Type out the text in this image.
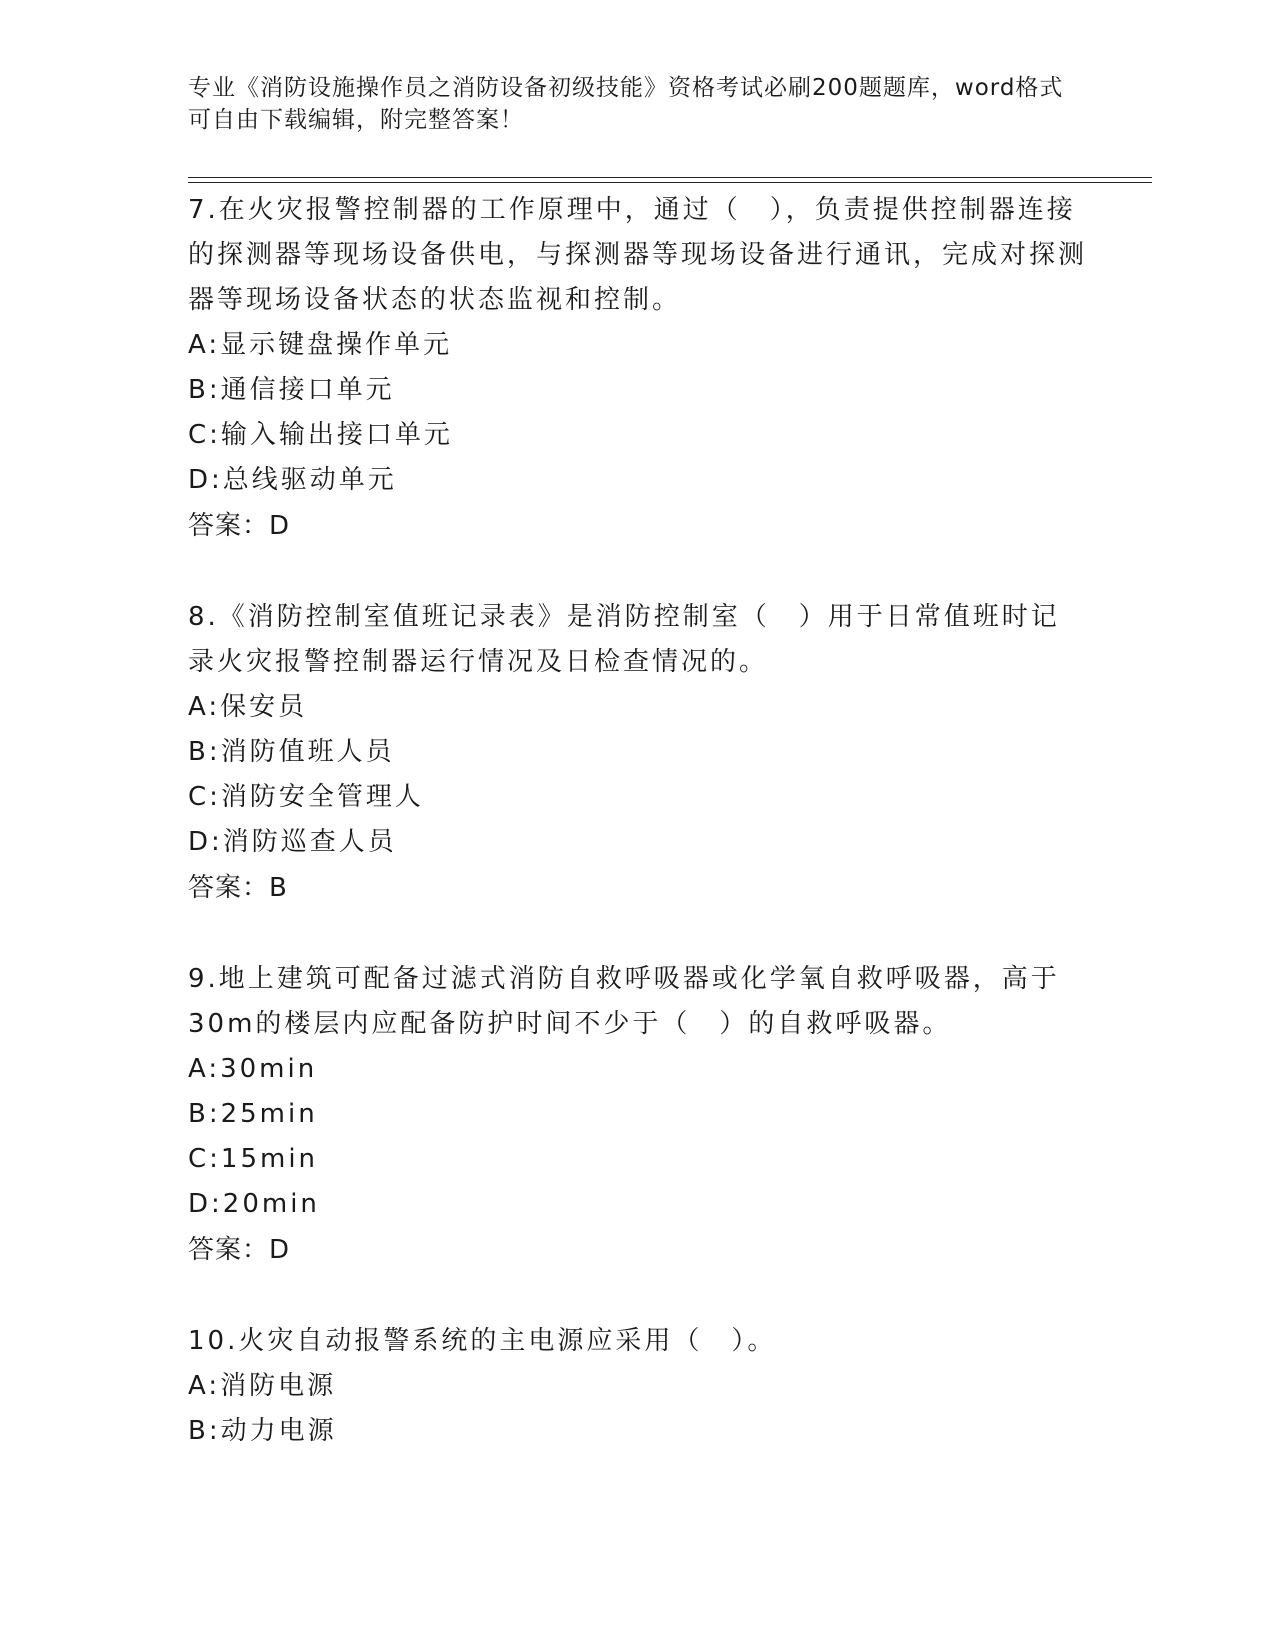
专业《消防设施操作员之消防设备初级技能》资格考试必刷200题题库，word格式可自由下载编辑，附完整答案！
7.在火灾报警控制器的工作原理中，通过（　），负责提供控制器连接的探测器等现场设备供电，与探测器等现场设备进行通讯，完成对探测器等现场设备状态的状态监视和控制。
A:显示键盘操作单元
B:通信接口单元
C:输入输出接口单元
D:总线驱动单元
答案：D
8.《消防控制室值班记录表》是消防控制室（　）用于日常值班时记录火灾报警控制器运行情况及日检查情况的。
A:保安员
B:消防值班人员
C:消防安全管理人
D:消防巡查人员
答案：B
9.地上建筑可配备过滤式消防自救呼吸器或化学氧自救呼吸器，高于30m的楼层内应配备防护时间不少于（　）的自救呼吸器。
A:30min
B:25min
C:15min
D:20min
答案：D
10.火灾自动报警系统的主电源应采用（　）。
A:消防电源
B:动力电源
